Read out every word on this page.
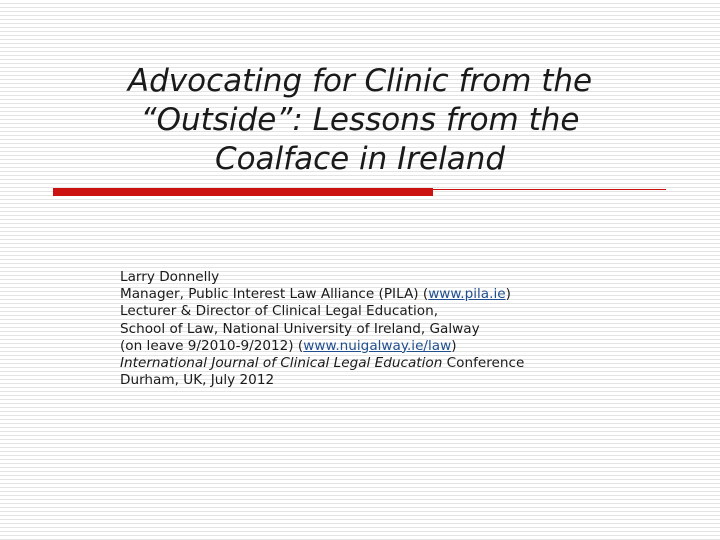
Advocating for Clinic from the
“Outside”: Lessons from the
Coalface in Ireland
Larry Donnelly
Manager, Public Interest Law Alliance (PILA) (www.pila.ie)
Lecturer & Director of Clinical Legal Education,
School of Law, National University of Ireland, Galway
(on leave 9/2010-9/2012) (www.nuigalway.ie/law)
International Journal of Clinical Legal Education Conference
Durham, UK, July 2012
